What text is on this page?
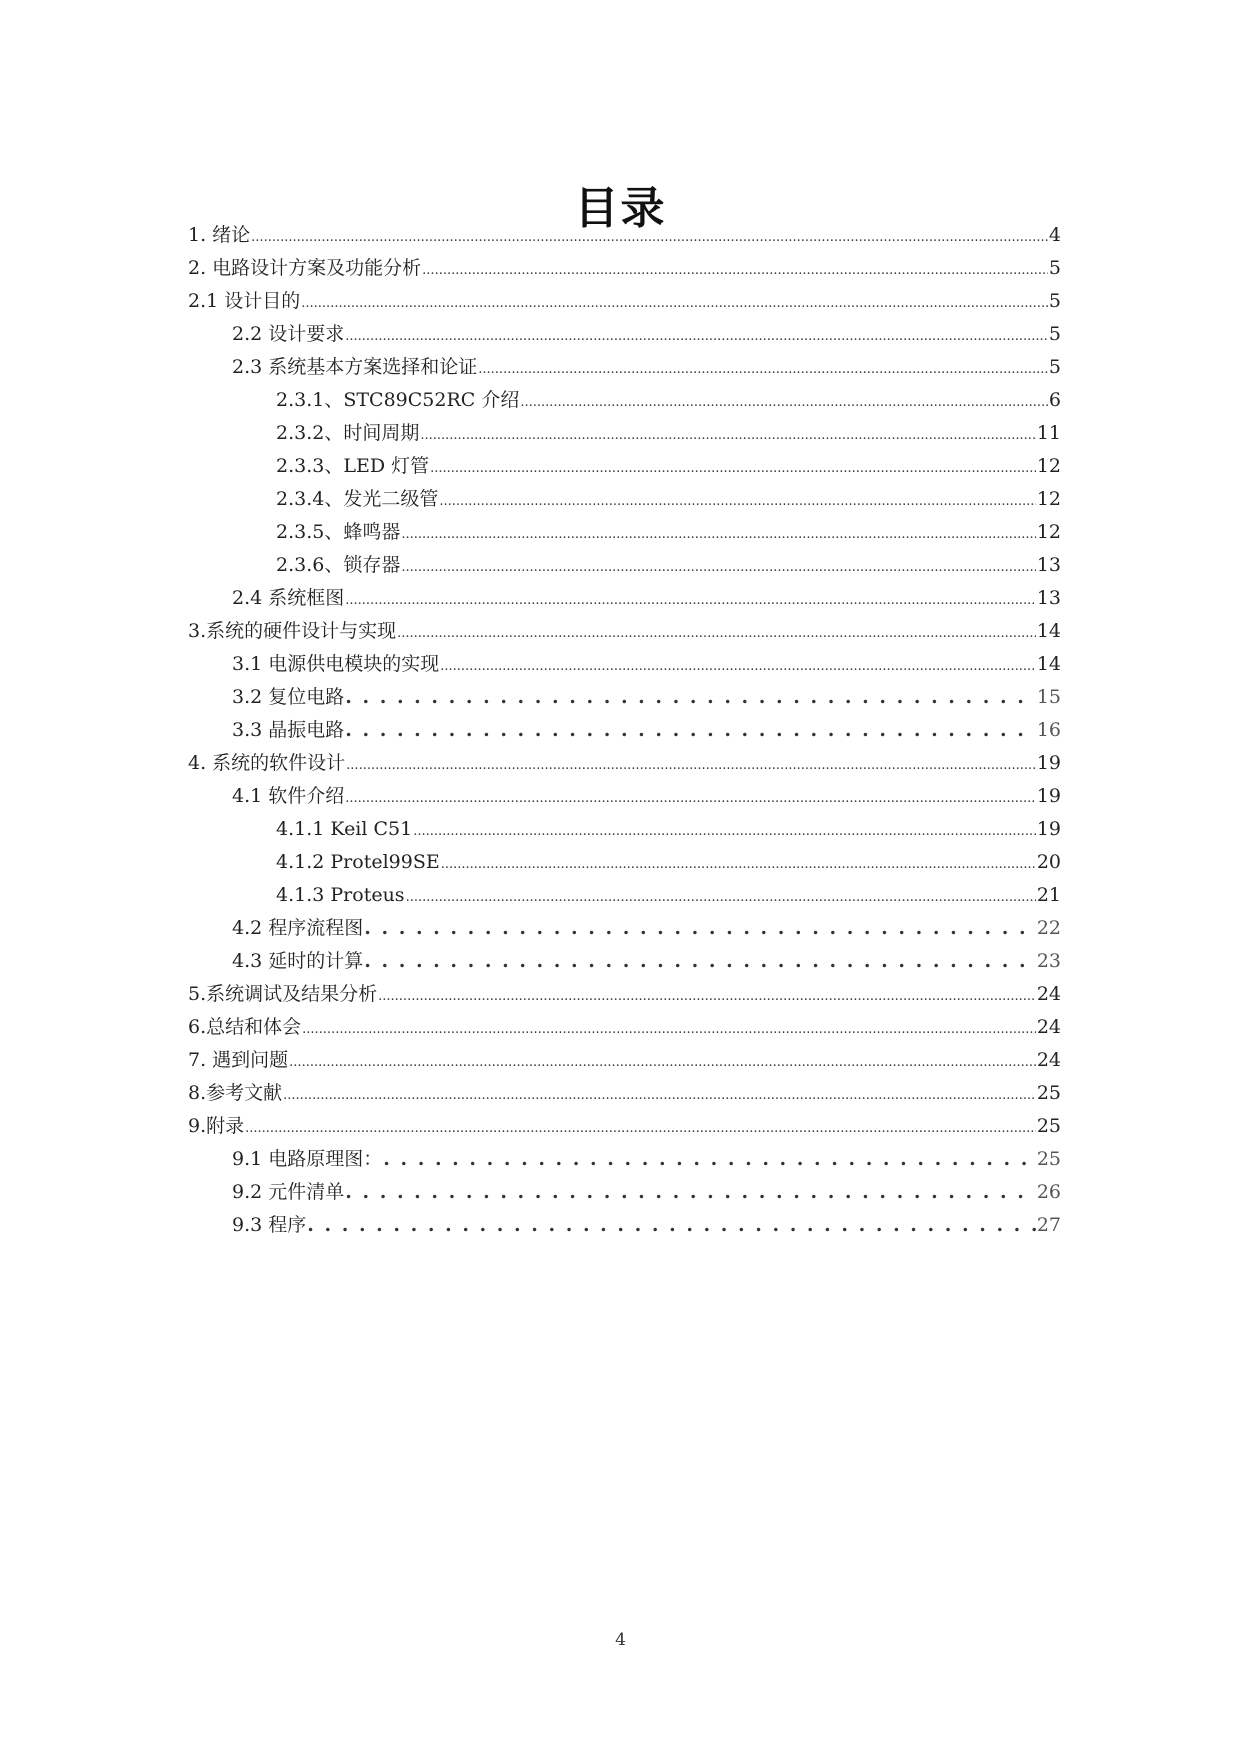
目录
1. 绪论 .....	4
2. 电路设计方案及功能分析 .....	5
2.1 设计目的 .....	5
2.2 设计要求 .....	5
2.3 系统基本方案选择和论证 .....	5
2.3.1、STC89C52RC 介绍 .....	6
2.3.2、时间周期 .....	11
2.3.3、LED 灯管 .....	12
2.3.4、发光二级管 .....	12
2.3.5、蜂鸣器 .....	12
2.3.6、锁存器 .....	13
2.4 系统框图 .....	13
3.系统的硬件设计与实现 .....	14
3.1 电源供电模块的实现 .....	14
3.2 复位电路 . . .	15
3.3 晶振电路 . . .	16
4. 系统的软件设计 .....	19
4.1 软件介绍 .....	19
4.1.1 Keil C51 .....	19
4.1.2 Protel99SE .....	20
4.1.3 Proteus .....	21
4.2 程序流程图 . . .	22
4.3 延时的计算 . . .	23
5.系统调试及结果分析 .....	24
6.总结和体会 .....	24
7. 遇到问题 .....	24
8.参考文献 .....	25
9.附录 .....	25
9.1 电路原理图： . . .	25
9.2 元件清单 . . .	26
9.3 程序 . . .	27
4
